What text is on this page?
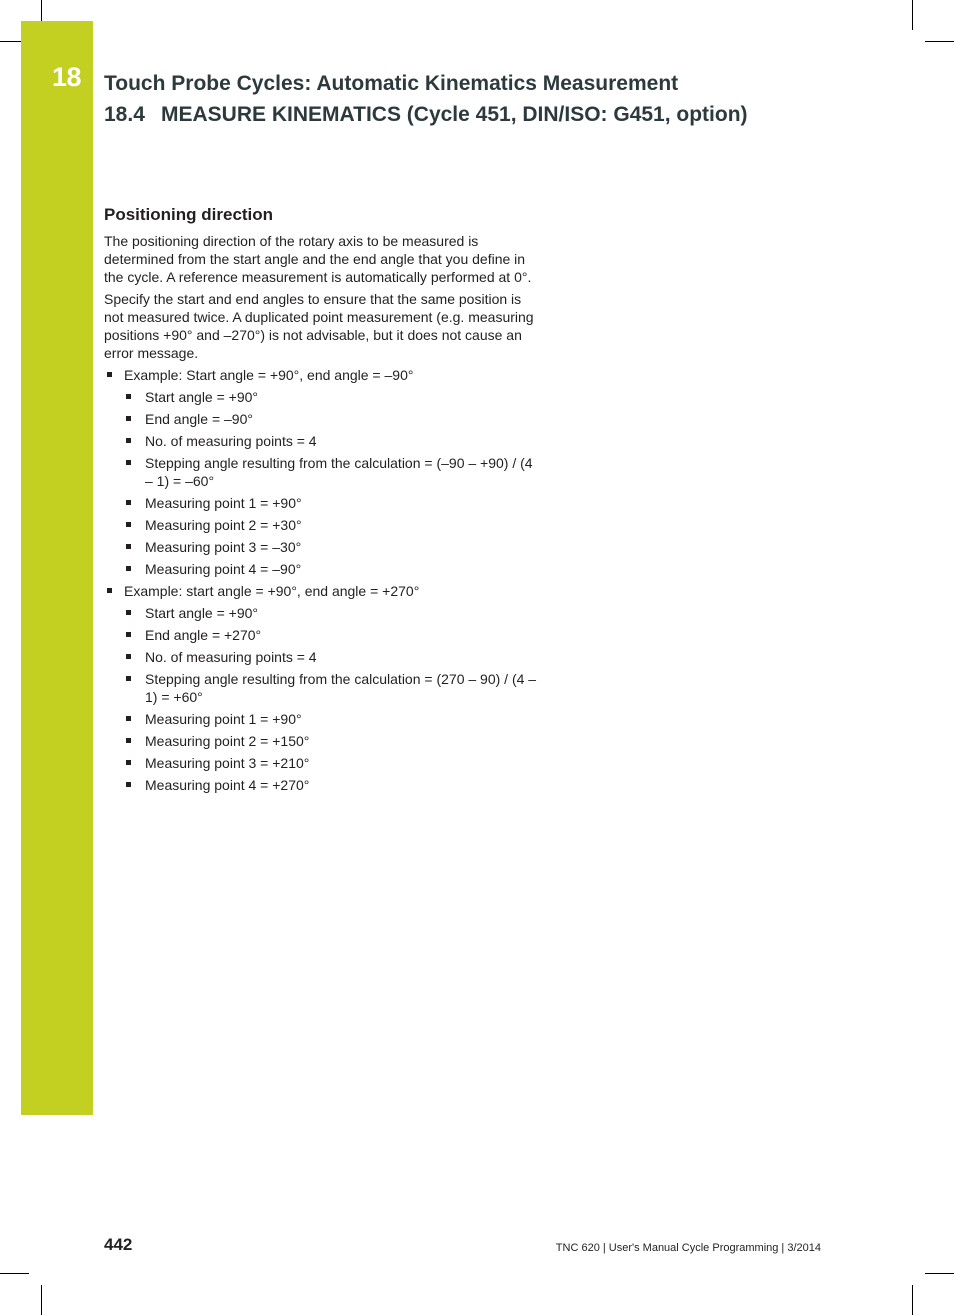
18 Touch Probe Cycles: Automatic Kinematics Measurement
18.4 MEASURE KINEMATICS (Cycle 451, DIN/ISO: G451, option)
Positioning direction

The positioning direction of the rotary axis to be measured is determined from the start angle and the end angle that you define in the cycle. A reference measurement is automatically performed at 0°.

Specify the start and end angles to ensure that the same position is not measured twice. A duplicated point measurement (e.g. measuring positions +90° and –270°) is not advisable, but it does not cause an error message.

Example: Start angle = +90°, end angle = –90°
Start angle = +90°
End angle = –90°
No. of measuring points = 4
Stepping angle resulting from the calculation = (–90 – +90) / (4 – 1) = –60°
Measuring point 1 = +90°
Measuring point 2 = +30°
Measuring point 3 = –30°
Measuring point 4 = –90°
Example: start angle = +90°, end angle = +270°
Start angle = +90°
End angle = +270°
No. of measuring points = 4
Stepping angle resulting from the calculation = (270 – 90) / (4 – 1) = +60°
Measuring point 1 = +90°
Measuring point 2 = +150°
Measuring point 3 = +210°
Measuring point 4 = +270°
442	TNC 620 | User's Manual Cycle Programming | 3/2014
